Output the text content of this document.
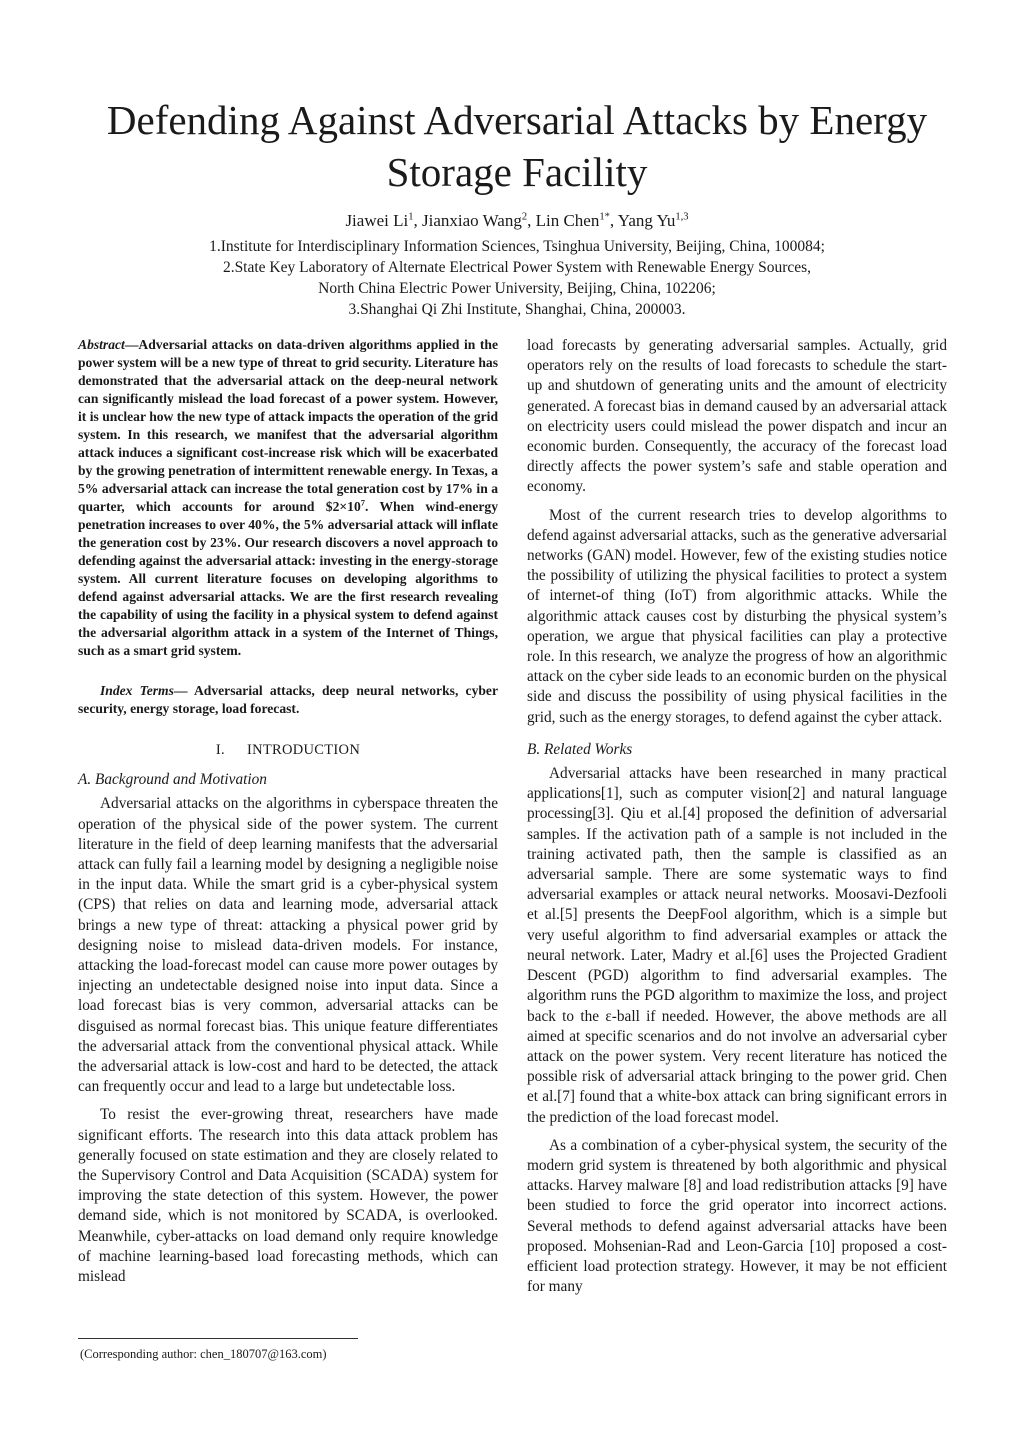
Defending Against Adversarial Attacks by Energy Storage Facility
Jiawei Li$^1$, Jianxiao Wang$^2$, Lin Chen$^{1*}$, Yang Yu$^{1,3}$
1.Institute for Interdisciplinary Information Sciences, Tsinghua University, Beijing, China, 100084;
2.State Key Laboratory of Alternate Electrical Power System with Renewable Energy Sources,
North China Electric Power University, Beijing, China, 102206;
3.Shanghai Qi Zhi Institute, Shanghai, China, 200003.

Abstract—Adversarial attacks on data-driven algorithms applied in the power system will be a new type of threat to grid security. Literature has demonstrated that the adversarial attack on the deep-neural network can significantly mislead the load forecast of a power system. However, it is unclear how the new type of attack impacts the operation of the grid system. In this research, we manifest that the adversarial algorithm attack induces a significant cost-increase risk which will be exacerbated by the growing penetration of intermittent renewable energy. In Texas, a 5% adversarial attack can increase the total generation cost by 17% in a quarter, which accounts for around $\$2\times 10^7$. When wind-energy penetration increases to over 40%, the 5% adversarial attack will inflate the generation cost by 23%. Our research discovers a novel approach to defending against the adversarial attack: investing in the energy-storage system. All current literature focuses on developing algorithms to defend against adversarial attacks. We are the first research revealing the capability of using the facility in a physical system to defend against the adversarial algorithm attack in a system of the Internet of Things, such as a smart grid system.

Index Terms— Adversarial attacks, deep neural networks, cyber security, energy storage, load forecast.

I. INTRODUCTION
A. Background and Motivation

Adversarial attacks on the algorithms in cyberspace threaten the operation of the physical side of the power system. The current literature in the field of deep learning manifests that the adversarial attack can fully fail a learning model by designing a negligible noise in the input data. While the smart grid is a cyber-physical system (CPS) that relies on data and learning mode, adversarial attack brings a new type of threat: attacking a physical power grid by designing noise to mislead data-driven models. For instance, attacking the load-forecast model can cause more power outages by injecting an undetectable designed noise into input data. Since a load forecast bias is very common, adversarial attacks can be disguised as normal forecast bias. This unique feature differentiates the adversarial attack from the conventional physical attack. While the adversarial attack is low-cost and hard to be detected, the attack can frequently occur and lead to a large but undetectable loss.

To resist the ever-growing threat, researchers have made significant efforts. The research into this data attack problem has generally focused on state estimation and they are closely related to the Supervisory Control and Data Acquisition (SCADA) system for improving the state detection of this system. However, the power demand side, which is not monitored by SCADA, is overlooked. Meanwhile, cyber-attacks on load demand only require knowledge of machine learning-based load forecasting methods, which can mislead

load forecasts by generating adversarial samples. Actually, grid operators rely on the results of load forecasts to schedule the start-up and shutdown of generating units and the amount of electricity generated. A forecast bias in demand caused by an adversarial attack on electricity users could mislead the power dispatch and incur an economic burden. Consequently, the accuracy of the forecast load directly affects the power system’s safe and stable operation and economy.

Most of the current research tries to develop algorithms to defend against adversarial attacks, such as the generative adversarial networks (GAN) model. However, few of the existing studies notice the possibility of utilizing the physical facilities to protect a system of internet-of thing (IoT) from algorithmic attacks. While the algorithmic attack causes cost by disturbing the physical system’s operation, we argue that physical facilities can play a protective role. In this research, we analyze the progress of how an algorithmic attack on the cyber side leads to an economic burden on the physical side and discuss the possibility of using physical facilities in the grid, such as the energy storages, to defend against the cyber attack.

B. Related Works

Adversarial attacks have been researched in many practical applications[1], such as computer vision[2] and natural language processing[3]. Qiu et al.[4] proposed the definition of adversarial samples. If the activation path of a sample is not included in the training activated path, then the sample is classified as an adversarial sample. There are some systematic ways to find adversarial examples or attack neural networks. Moosavi-Dezfooli et al.[5] presents the DeepFool algorithm, which is a simple but very useful algorithm to find adversarial examples or attack the neural network. Later, Madry et al.[6] uses the Projected Gradient Descent (PGD) algorithm to find adversarial examples. The algorithm runs the PGD algorithm to maximize the loss, and project back to the ε-ball if needed. However, the above methods are all aimed at specific scenarios and do not involve an adversarial cyber attack on the power system. Very recent literature has noticed the possible risk of adversarial attack bringing to the power grid. Chen et al.[7] found that a white-box attack can bring significant errors in the prediction of the load forecast model.

As a combination of a cyber-physical system, the security of the modern grid system is threatened by both algorithmic and physical attacks. Harvey malware [8] and load redistribution attacks [9] have been studied to force the grid operator into incorrect actions. Several methods to defend against adversarial attacks have been proposed. Mohsenian-Rad and Leon-Garcia [10] proposed a cost-efficient load protection strategy. However, it may be not efficient for many

(Corresponding author: chen_180707@163.com)
